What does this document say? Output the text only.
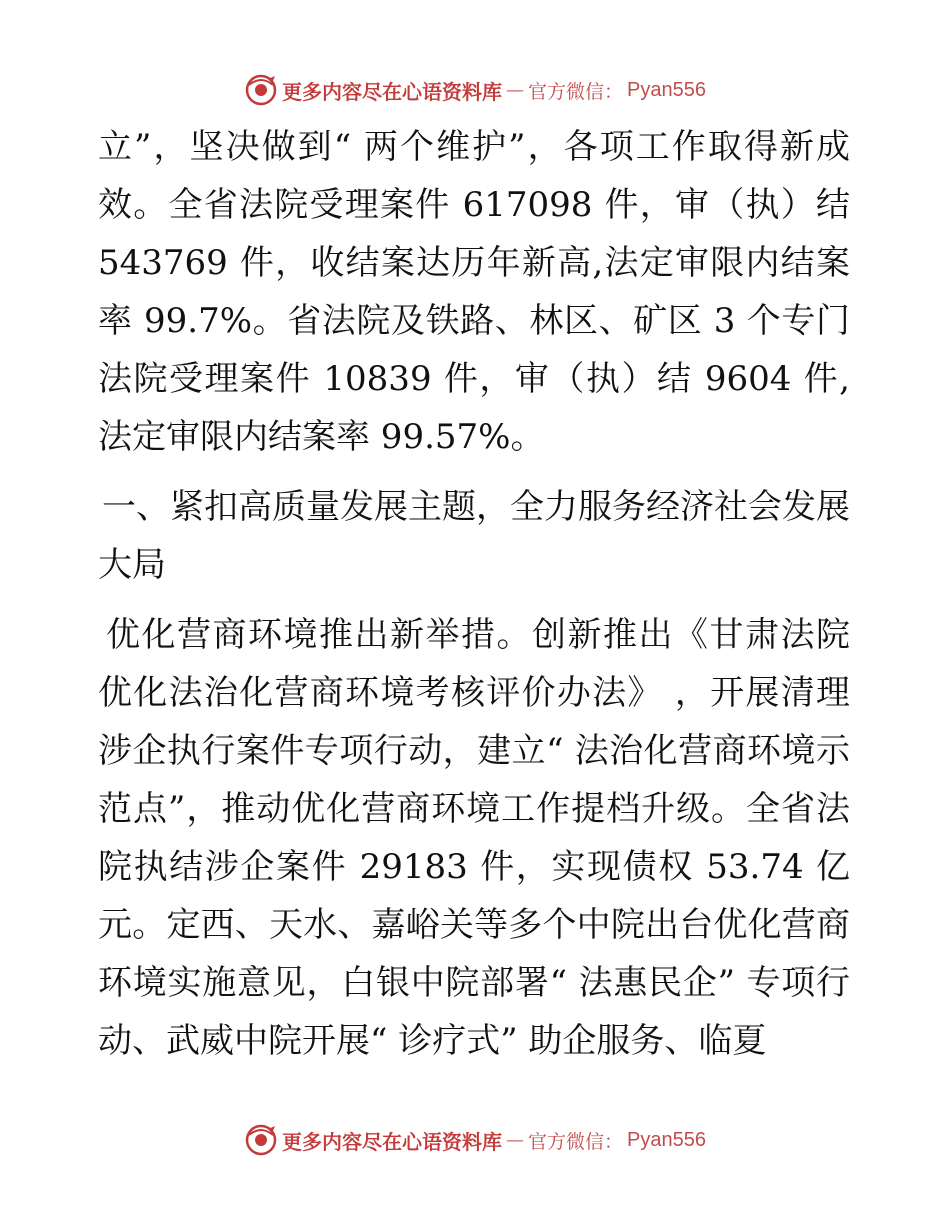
更多内容尽在心语资料库 — 官方微信： Pyan556

立”，坚决做到“ 两个维护”，各项工作取得新成效。全省法院受理案件 617098 件，审（执）结 543769 件，收结案达历年新高,法定审限内结案率 99.7%。省法院及铁路、林区、矿区 3 个专门法院受理案件 10839 件，审（执）结 9604 件,法定审限内结案率 99.57%。

一、紧扣高质量发展主题，全力服务经济社会发展大局

优化营商环境推出新举措。创新推出《甘肃法院优化法治化营商环境考核评价办法》 ，开展清理涉企执行案件专项行动，建立“ 法治化营商环境示范点”，推动优化营商环境工作提档升级。全省法院执结涉企案件 29183 件，实现债权 53.74 亿元。定西、天水、嘉峪关等多个中院出台优化营商环境实施意见，白银中院部署“ 法惠民企” 专项行动、武威中院开展“ 诊疗式” 助企服务、临夏

更多内容尽在心语资料库 — 官方微信： Pyan556
